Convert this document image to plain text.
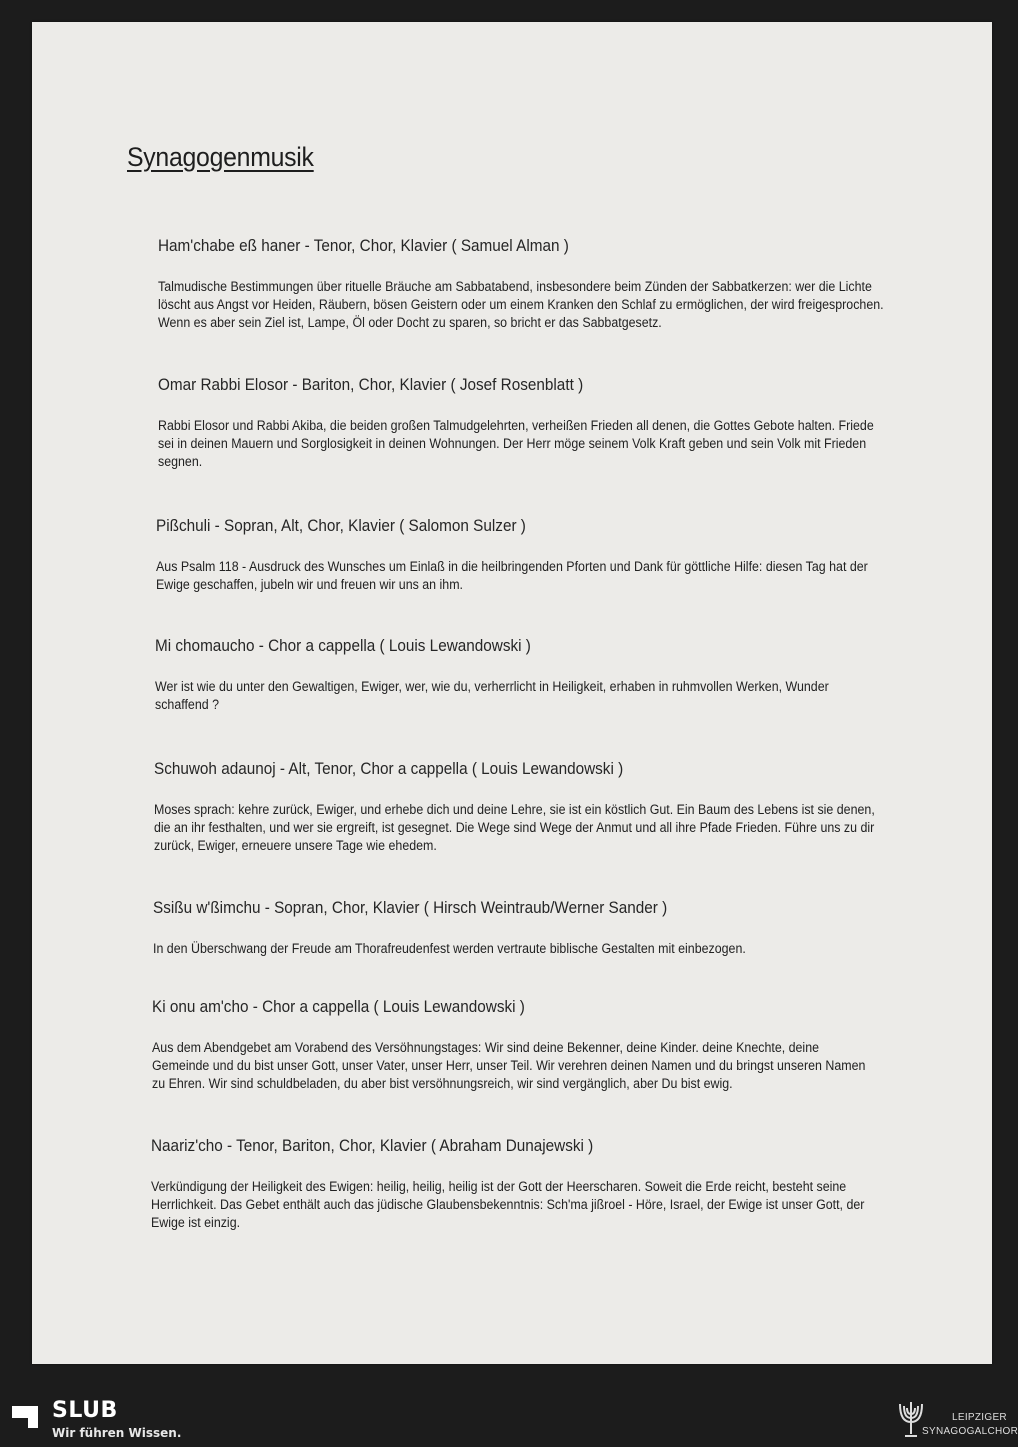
Synagogenmusik
Ham'chabe eß haner - Tenor, Chor, Klavier ( Samuel Alman )

Talmudische Bestimmungen über rituelle Bräuche am Sabbatabend, insbesondere beim Zünden der Sabbatkerzen: wer die Lichte löscht aus Angst vor Heiden, Räubern, bösen Geistern oder um einem Kranken den Schlaf zu ermöglichen, der wird freigesprochen. Wenn es aber sein Ziel ist, Lampe, Öl oder Docht zu sparen, so bricht er das Sabbatgesetz.

Omar Rabbi Elosor - Bariton, Chor, Klavier ( Josef Rosenblatt )

Rabbi Elosor und Rabbi Akiba, die beiden großen Talmudgelehrten, verheißen Frieden all denen, die Gottes Gebote halten. Friede sei in deinen Mauern und Sorglosigkeit in deinen Wohnungen. Der Herr möge seinem Volk Kraft geben und sein Volk mit Frieden segnen.

Pißchuli - Sopran, Alt, Chor, Klavier ( Salomon Sulzer )

Aus Psalm 118 - Ausdruck des Wunsches um Einlaß in die heilbringenden Pforten und Dank für göttliche Hilfe: diesen Tag hat der Ewige geschaffen, jubeln wir und freuen wir uns an ihm.

Mi chomaucho - Chor a cappella ( Louis Lewandowski )

Wer ist wie du unter den Gewaltigen, Ewiger, wer, wie du, verherrlicht in Heiligkeit, erhaben in ruhmvollen Werken, Wunder schaffend ?

Schuwoh adaunoj - Alt, Tenor, Chor a cappella ( Louis Lewandowski )

Moses sprach: kehre zurück, Ewiger, und erhebe dich und deine Lehre, sie ist ein köstlich Gut. Ein Baum des Lebens ist sie denen, die an ihr festhalten, und wer sie ergreift, ist gesegnet. Die Wege sind Wege der Anmut und all ihre Pfade Frieden. Führe uns zu dir zurück, Ewiger, erneuere unsere Tage wie ehedem.

Ssißu w'ßimchu - Sopran, Chor, Klavier ( Hirsch Weintraub/Werner Sander )

In den Überschwang der Freude am Thorafreudenfest werden vertraute biblische Gestalten mit einbezogen.

Ki onu am'cho - Chor a cappella ( Louis Lewandowski )

Aus dem Abendgebet am Vorabend des Versöhnungstages: Wir sind deine Bekenner, deine Kinder. deine Knechte, deine Gemeinde und du bist unser Gott, unser Vater, unser Herr, unser Teil. Wir verehren deinen Namen und du bringst unseren Namen zu Ehren. Wir sind schuldbeladen, du aber bist versöhnungsreich, wir sind vergänglich, aber Du bist ewig.

Naariz'cho - Tenor, Bariton, Chor, Klavier ( Abraham Dunajewski )

Verkündigung der Heiligkeit des Ewigen: heilig, heilig, heilig ist der Gott der Heerscharen. Soweit die Erde reicht, besteht seine Herrlichkeit. Das Gebet enthält auch das jüdische Glaubensbekenntnis: Sch'ma jißroel - Höre, Israel, der Ewige ist unser Gott, der Ewige ist einzig.

SLUB
Wir führen Wissen.
LEIPZIGER
SYNAGOGALCHOR
